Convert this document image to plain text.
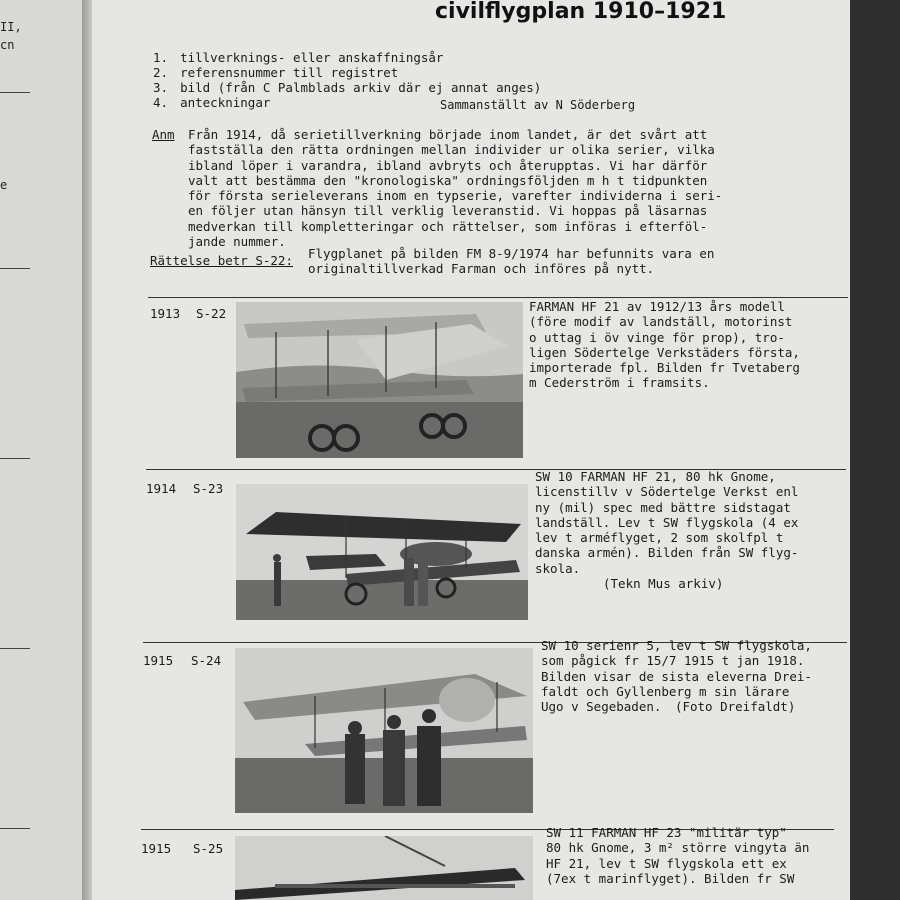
II,
cn
e
civilflygplan 1910–1921
1. tillverknings- eller anskaffningsår
2. referensnummer till registret
3. bild (från C Palmblads arkiv där ej annat anges)
4. anteckningar	Sammanställt av N Söderberg
Anm Från 1914, då serietillverkning började inom landet, är det svårt att
fastställa den rätta ordningen mellan individer ur olika serier, vilka
ibland löper i varandra, ibland avbryts och återupptas. Vi har därför
valt att bestämma den "kronologiska" ordningsföljden m h t tidpunkten
för första serieleverans inom en typserie, varefter individerna i seri-
en följer utan hänsyn till verklig leveranstid. Vi hoppas på läsarnas
medverkan till kompletteringar och rättelser, som införas i efterföl-
jande nummer.
Rättelse betr S-22: Flygplanet på bilden FM 8-9/1974 har befunnits vara en
originaltillverkad Farman och införes på nytt.
1913 S-22	FARMAN HF 21 av 1912/13 års modell
(före modif av landställ, motorinst
o uttag i öv vinge för prop), tro-
ligen Södertelge Verkstäders första,
importerade fpl. Bilden fr Tvetaberg
m Cederström i framsits.
1914 S-23
SW 10 FARMAN HF 21, 80 hk Gnome,
licenstillv v Södertelge Verkst enl
ny (mil) spec med bättre sidstagat
landställ. Lev t SW flygskola (4 ex
lev t arméflyget, 2 som skolfpl t
danska armén). Bilden från SW flyg-
skola.
(Tekn Mus arkiv)
1915 S-24
SW 10 serienr 5, lev t SW flygskola,
som pågick fr 15/7 1915 t jan 1918.
Bilden visar de sista eleverna Drei-
faldt och Gyllenberg m sin lärare
Ugo v Segebaden. (Foto Dreifaldt)
1915 S-25
SW 11 FARMAN HF 23 "militär typ"
80 hk Gnome, 3 m² större vingyta än
HF 21, lev t SW flygskola ett ex
(7ex t marinflyget). Bilden fr SW
